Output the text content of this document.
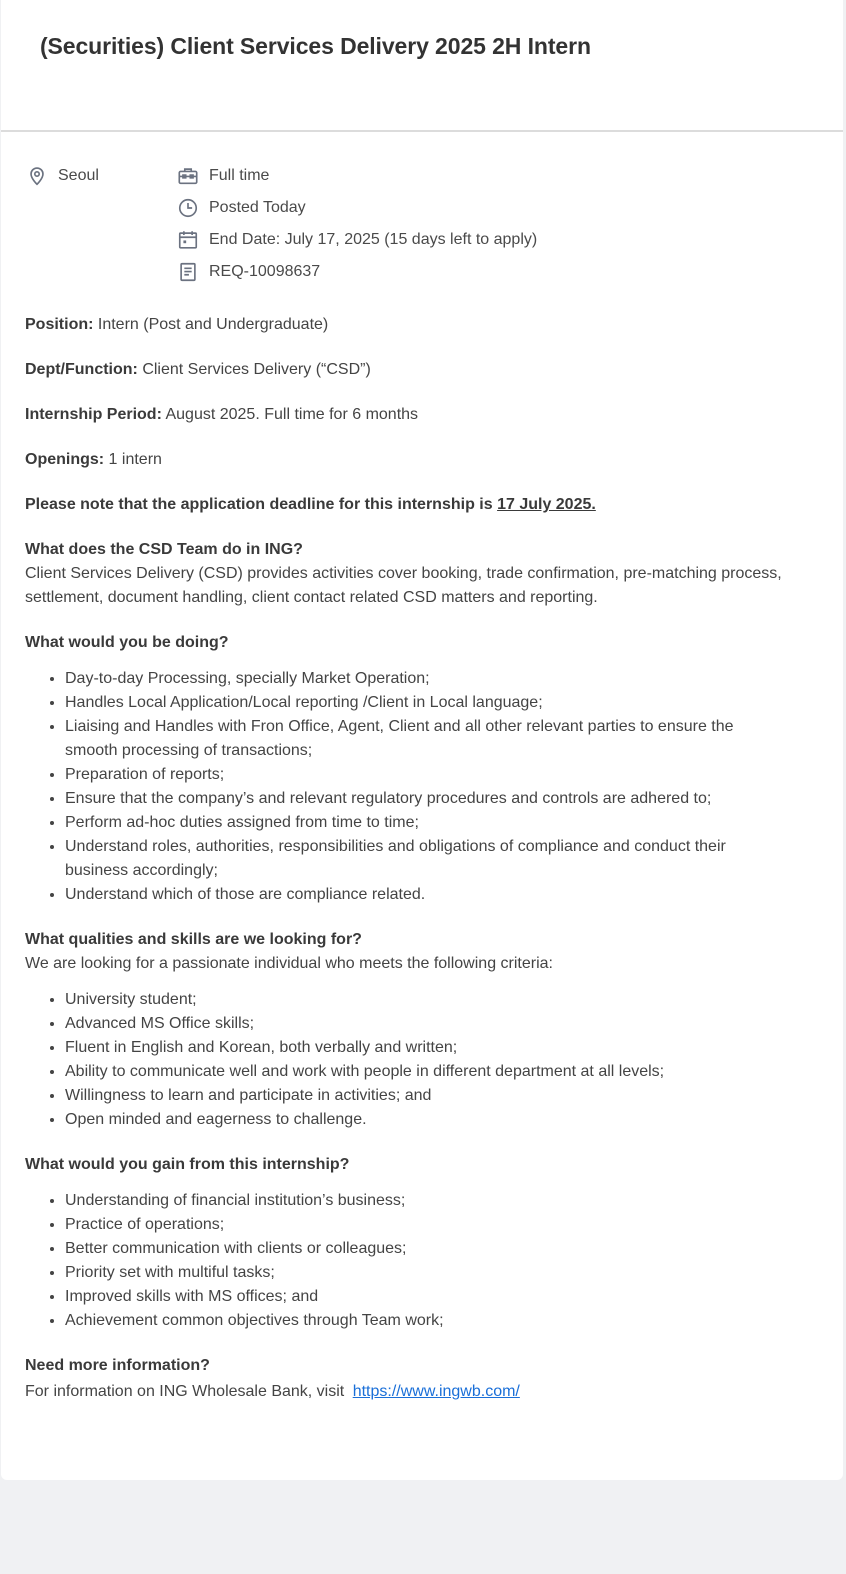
(Securities) Client Services Delivery 2025 2H Intern
Seoul	Full time
Posted Today
End Date: July 17, 2025 (15 days left to apply)
REQ-10098637

Position: Intern (Post and Undergraduate)

Dept/Function: Client Services Delivery (“CSD”)

Internship Period: August 2025. Full time for 6 months

Openings: 1 intern

Please note that the application deadline for this internship is 17 July 2025.

What does the CSD Team do in ING?

Client Services Delivery (CSD) provides activities cover booking, trade confirmation, pre-matching process, settlement, document handling, client contact related CSD matters and reporting.

What would you be doing?

• Day-to-day Processing, specially Market Operation;
• Handles Local Application/Local reporting /Client in Local language;
• Liaising and Handles with Fron Office, Agent, Client and all other relevant parties to ensure the smooth processing of transactions;
• Preparation of reports;
• Ensure that the company’s and relevant regulatory procedures and controls are adhered to;
• Perform ad-hoc duties assigned from time to time;
• Understand roles, authorities, responsibilities and obligations of compliance and conduct their business accordingly;
• Understand which of those are compliance related.

What qualities and skills are we looking for?

We are looking for a passionate individual who meets the following criteria:

• University student;
• Advanced MS Office skills;
• Fluent in English and Korean, both verbally and written;
• Ability to communicate well and work with people in different department at all levels;
• Willingness to learn and participate in activities; and
• Open minded and eagerness to challenge.

What would you gain from this internship?

• Understanding of financial institution’s business;
• Practice of operations;
• Better communication with clients or colleagues;
• Priority set with multiful tasks;
• Improved skills with MS offices; and
• Achievement common objectives through Team work;

Need more information?

For information on ING Wholesale Bank, visit https://www.ingwb.com/
